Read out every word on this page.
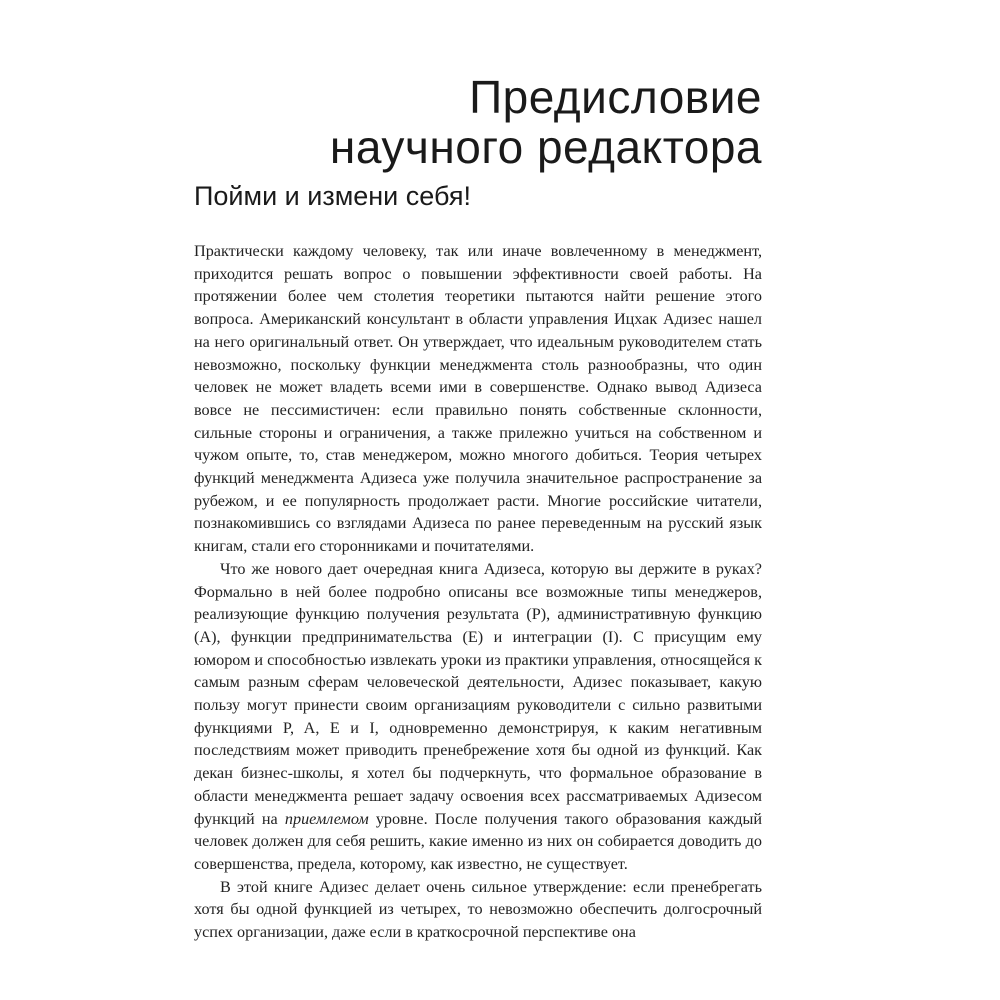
Предисловие
научного редактора
Пойми и измени себя!

Практически каждому человеку, так или иначе вовлеченному в менеджмент, приходится решать вопрос о повышении эффективности своей работы. На протяжении более чем столетия теоретики пытаются найти решение этого вопроса. Американский консультант в области управления Ицхак Адизес нашел на него оригинальный ответ. Он утверждает, что идеальным руководителем стать невозможно, поскольку функции менеджмента столь разнообразны, что один человек не может владеть всеми ими в совершенстве. Однако вывод Адизеса вовсе не пессимистичен: если правильно понять собственные склонности, сильные стороны и ограничения, а также прилежно учиться на собственном и чужом опыте, то, став менеджером, можно многого добиться. Теория четырех функций менеджмента Адизеса уже получила значительное распространение за рубежом, и ее популярность продолжает расти. Многие российские читатели, познакомившись со взглядами Адизеса по ранее переведенным на русский язык книгам, стали его сторонниками и почитателями.

Что же нового дает очередная книга Адизеса, которую вы держите в руках? Формально в ней более подробно описаны все возможные типы менеджеров, реализующие функцию получения результата (P), административную функцию (A), функции предпринимательства (E) и интеграции (I). С присущим ему юмором и способностью извлекать уроки из практики управления, относящейся к самым разным сферам человеческой деятельности, Адизес показывает, какую пользу могут принести своим организациям руководители с сильно развитыми функциями P, A, E и I, одновременно демонстрируя, к каким негативным последствиям может приводить пренебрежение хотя бы одной из функций. Как декан бизнес-школы, я хотел бы подчеркнуть, что формальное образование в области менеджмента решает задачу освоения всех рассматриваемых Адизесом функций на приемлемом уровне. После получения такого образования каждый человек должен для себя решить, какие именно из них он собирается доводить до совершенства, предела, которому, как известно, не существует.

В этой книге Адизес делает очень сильное утверждение: если пренебрегать хотя бы одной функцией из четырех, то невозможно обеспечить долгосрочный успех организации, даже если в краткосрочной перспективе она
